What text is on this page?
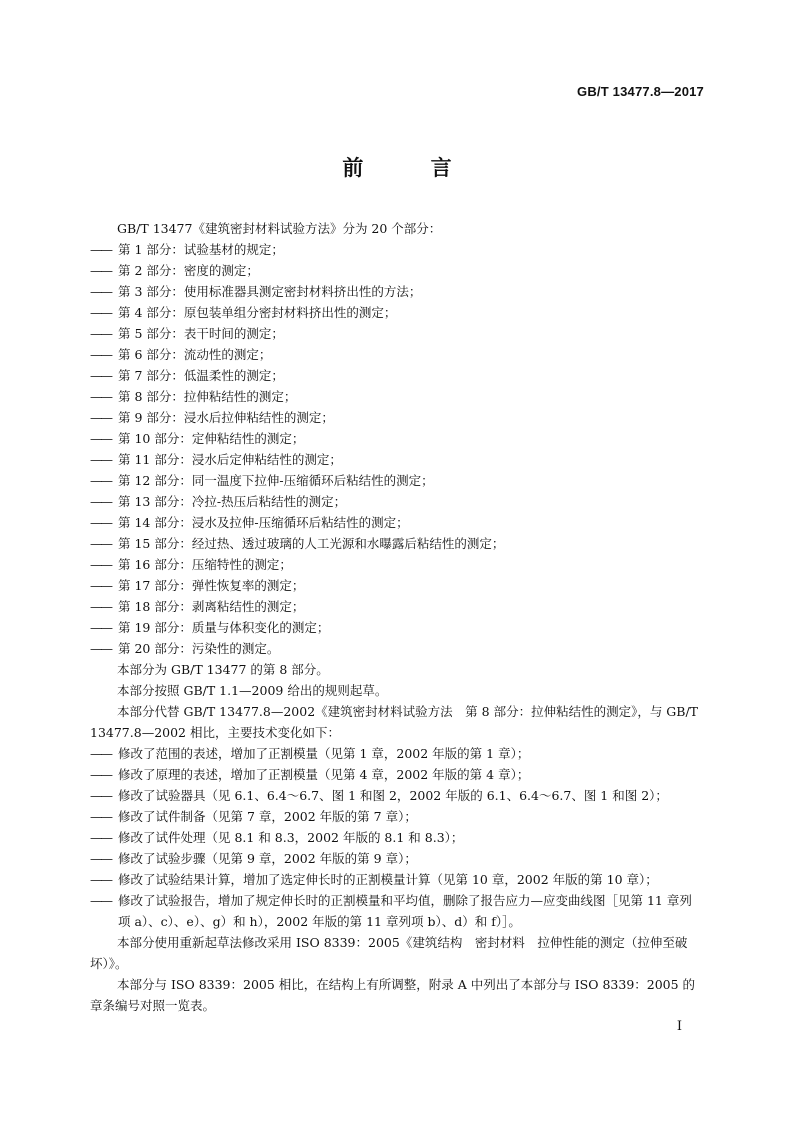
GB/T 13477.8—2017
前 言
GB/T 13477《建筑密封材料试验方法》分为 20 个部分：
—— 第 1 部分：试验基材的规定；
—— 第 2 部分：密度的测定；
—— 第 3 部分：使用标准器具测定密封材料挤出性的方法；
—— 第 4 部分：原包装单组分密封材料挤出性的测定；
—— 第 5 部分：表干时间的测定；
—— 第 6 部分：流动性的测定；
—— 第 7 部分：低温柔性的测定；
—— 第 8 部分：拉伸粘结性的测定；
—— 第 9 部分：浸水后拉伸粘结性的测定；
—— 第 10 部分：定伸粘结性的测定；
—— 第 11 部分：浸水后定伸粘结性的测定；
—— 第 12 部分：同一温度下拉伸-压缩循环后粘结性的测定；
—— 第 13 部分：冷拉-热压后粘结性的测定；
—— 第 14 部分：浸水及拉伸-压缩循环后粘结性的测定；
—— 第 15 部分：经过热、透过玻璃的人工光源和水曝露后粘结性的测定；
—— 第 16 部分：压缩特性的测定；
—— 第 17 部分：弹性恢复率的测定；
—— 第 18 部分：剥离粘结性的测定；
—— 第 19 部分：质量与体积变化的测定；
—— 第 20 部分：污染性的测定。
本部分为 GB/T 13477 的第 8 部分。
本部分按照 GB/T 1.1—2009 给出的规则起草。
本部分代替 GB/T 13477.8—2002《建筑密封材料试验方法　第 8 部分：拉伸粘结性的测定》，与 GB/T 13477.8—2002 相比，主要技术变化如下：
—— 修改了范围的表述，增加了正割模量（见第 1 章，2002 年版的第 1 章）；
—— 修改了原理的表述，增加了正割模量（见第 4 章，2002 年版的第 4 章）；
—— 修改了试验器具（见 6.1、6.4～6.7、图 1 和图 2，2002 年版的 6.1、6.4～6.7、图 1 和图 2）；
—— 修改了试件制备（见第 7 章，2002 年版的第 7 章）；
—— 修改了试件处理（见 8.1 和 8.3，2002 年版的 8.1 和 8.3）；
—— 修改了试验步骤（见第 9 章，2002 年版的第 9 章）；
—— 修改了试验结果计算，增加了选定伸长时的正割模量计算（见第 10 章，2002 年版的第 10 章）；
—— 修改了试验报告，增加了规定伸长时的正割模量和平均值，删除了报告应力—应变曲线图［见第 11 章列项 a）、c）、e）、g）和 h），2002 年版的第 11 章列项 b）、d）和 f）］。
本部分使用重新起草法修改采用 ISO 8339：2005《建筑结构　密封材料　拉伸性能的测定（拉伸至破坏）》。
本部分与 ISO 8339：2005 相比，在结构上有所调整，附录 A 中列出了本部分与 ISO 8339：2005 的章条编号对照一览表。
I
